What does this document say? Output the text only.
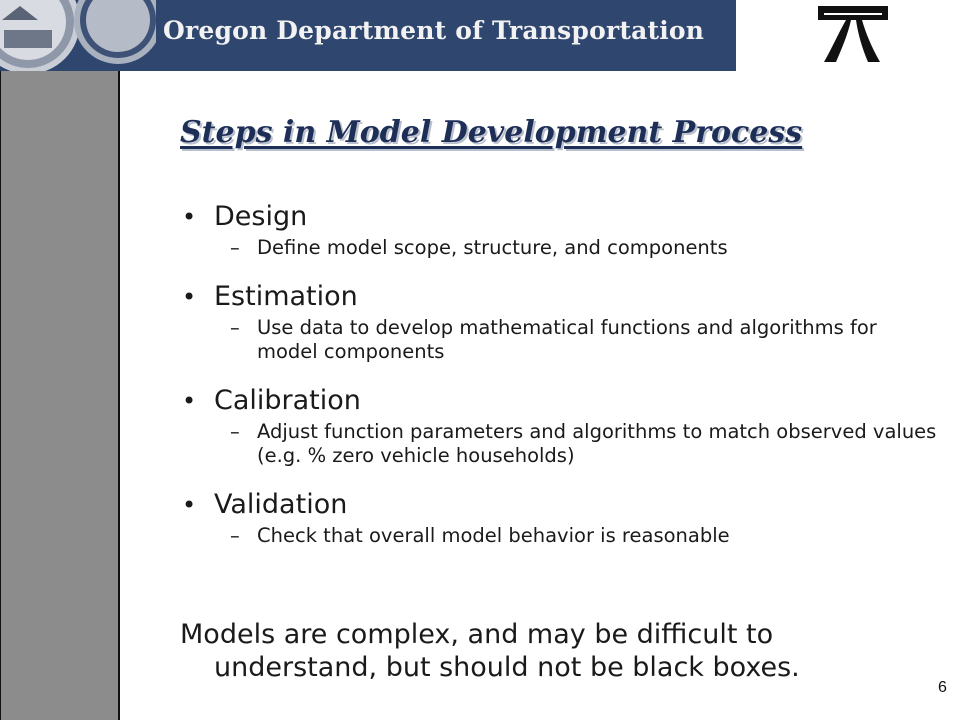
Oregon Department of Transportation
Steps in Model Development Process
• Design
– Define model scope, structure, and components
• Estimation
– Use data to develop mathematical functions and algorithms for model components
• Calibration
– Adjust function parameters and algorithms to match observed values (e.g. % zero vehicle households)
• Validation
– Check that overall model behavior is reasonable
Models are complex, and may be difficult to
understand, but should not be black boxes.
6
